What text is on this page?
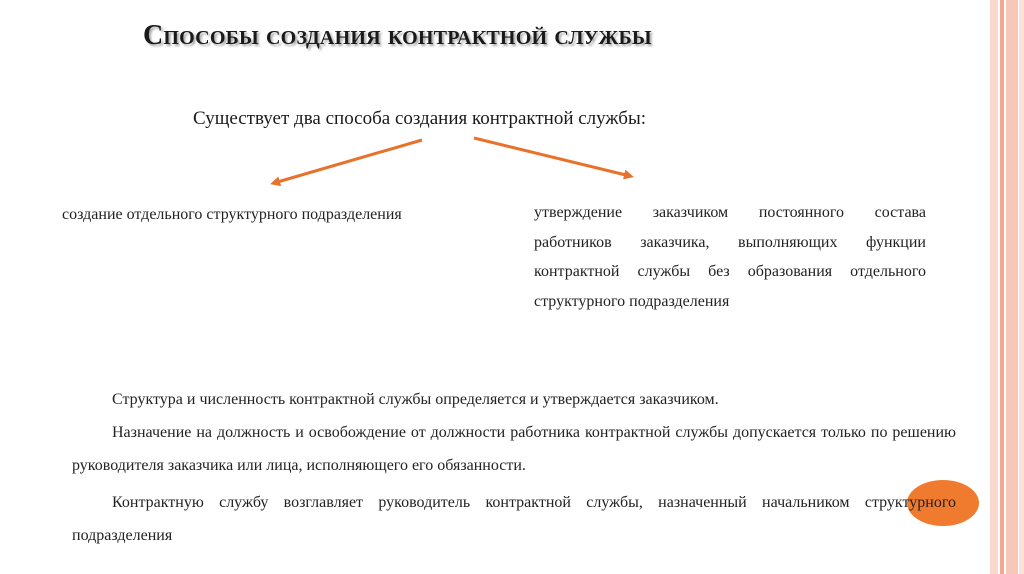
Способы создания контрактной службы
Существует два способа создания контрактной службы:
создание отдельного структурного подразделения	утверждение заказчиком постоянного состава работников заказчика, выполняющих функции контрактной службы без образования отдельного структурного подразделения
Структура и численность контрактной службы определяется и утверждается заказчиком.
Назначение на должность и освобождение от должности работника контрактной службы допускается только по решению руководителя заказчика или лица, исполняющего его обязанности.
Контрактную службу возглавляет руководитель контрактной службы, назначенный начальником структурного подразделения
